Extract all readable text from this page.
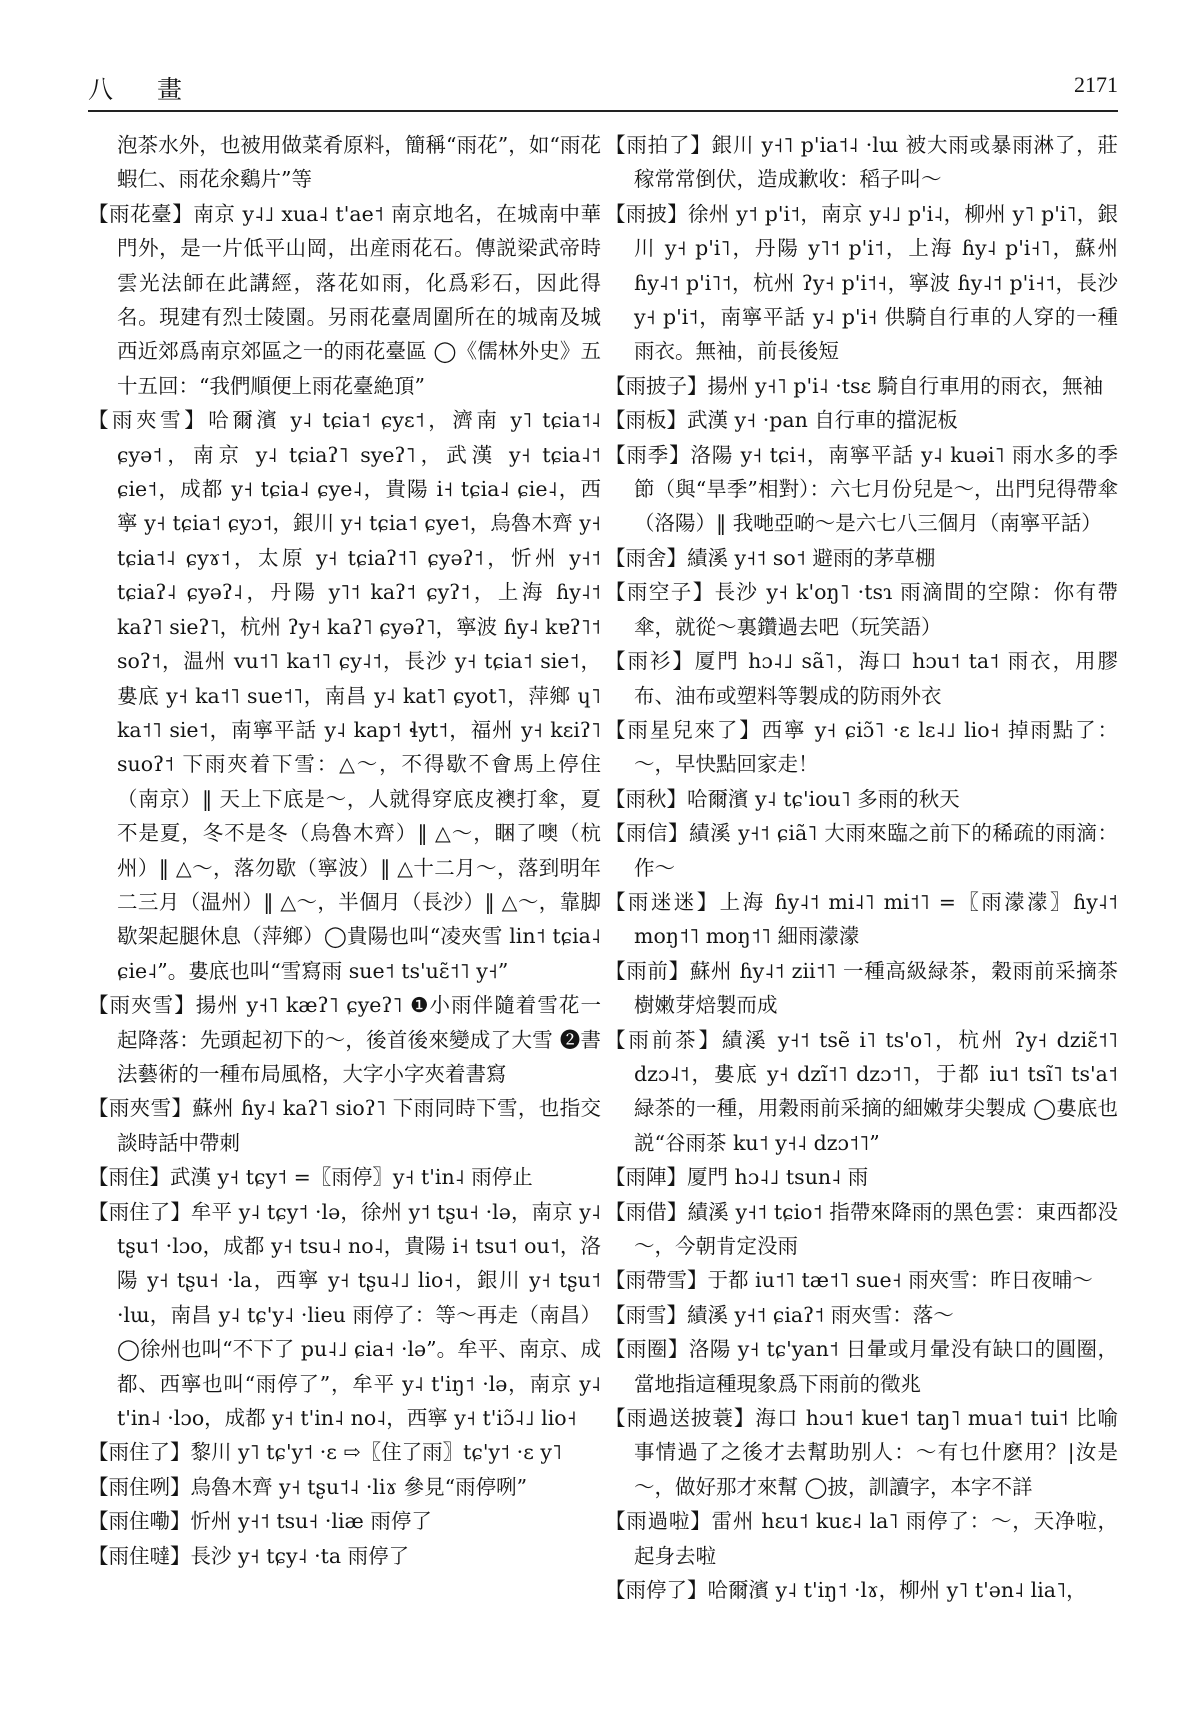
八 畫	2171

泡茶水外，也被用做菜肴原料，簡稱“雨花”，如“雨花蝦仁、雨花氽鷄片”等

【雨花臺】南京 y˨˩ xua˨ t'ae˦ 南京地名，在城南中華門外，是一片低平山岡，出産雨花石。傳説梁武帝時雲光法師在此講經，落花如雨，化爲彩石，因此得名。現建有烈士陵園。另雨花臺周圍所在的城南及城西近郊爲南京郊區之一的雨花臺區 ◯《儒林外史》五十五回：“我們順便上雨花臺絶頂”

【雨夾雪】哈爾濱 y˨ tɕia˦ ɕyɛ˦，濟南 y˥ tɕia˦˨ ɕyə˦，南京 y˨ tɕiaʔ˥ syeʔ˥，武漢 y˧ tɕia˨˦ ɕie˦，成都 y˧ tɕia˨ ɕye˨，貴陽 i˧ tɕia˨ ɕie˨，西寧 y˧ tɕia˦ ɕyɔ˦，銀川 y˧ tɕia˦ ɕye˦，烏魯木齊 y˧ tɕia˦˨ ɕyɤ˦，太原 y˧ tɕiaʔ˦˥ ɕyəʔ˦，忻州 y˧˦ tɕiaʔ˨ ɕyəʔ˨，丹陽 y˥˦ kaʔ˦ ɕyʔ˦，上海 ɦy˨˦ kaʔ˥ sieʔ˥，杭州 ʔy˧ kaʔ˥ ɕyəʔ˥，寧波 ɦy˨ kɐʔ˥˦ soʔ˦，温州 vu˦˥ ka˦˥ ɕy˨˦，長沙 y˧ tɕia˦ sie˦，婁底 y˧ ka˦˥ sue˦˥，南昌 y˨ kat˥ ɕyot˥，萍鄉 ɥ˥ ka˦˥ sie˦，南寧平話 y˨ kap˦ ɬyt˦，福州 y˧ kɛiʔ˥ suoʔ˦ 下雨夾着下雪：△～，不得歇不會馬上停住（南京）‖ 天上下底是～，人就得穿底皮襖打傘，夏不是夏，冬不是冬（烏魯木齊）‖ △～，睏了噢（杭州）‖ △～，落勿歇（寧波）‖ △十二月～，落到明年二三月（温州）‖ △～，半個月（長沙）‖ △～，靠脚歇架起腿休息（萍鄉）◯貴陽也叫“凌夾雪 lin˦ tɕia˨ ɕie˨”。婁底也叫“雪寫雨 sue˦ ts'uɛ̃˦˥ y˧”

【雨夾雪】揚州 y˧˥ kæʔ˥ ɕyeʔ˥ ❶小雨伴隨着雪花一起降落：先頭起初下的～，後首後來變成了大雪 ❷書法藝術的一種布局風格，大字小字夾着書寫

【雨夾雪】蘇州 ɦy˨ kaʔ˥ sioʔ˥ 下雨同時下雪，也指交談時話中帶刺

【雨住】武漢 y˧ tɕy˦ =〖雨停〗y˧ t'in˨ 雨停止

【雨住了】牟平 y˨ tɕy˦ ·lə，徐州 y˦ tʂu˧ ·lə，南京 y˨ tʂu˦ ·lɔo，成都 y˧ tsu˨ no˨，貴陽 i˧ tsu˦ ou˦，洛陽 y˧ tʂu˧ ·la，西寧 y˧ tʂu˨˩ lio˧，銀川 y˧ tʂu˦ ·lɯ，南昌 y˨ tɕ'y˨ ·lieu 雨停了：等～再走（南昌）◯徐州也叫“不下了 pu˨˩ ɕia˧ ·lə”。牟平、南京、成都、西寧也叫“雨停了”，牟平 y˨ t'iŋ˦ ·lə，南京 y˨ t'in˨ ·lɔo，成都 y˧ t'in˨ no˨，西寧 y˧ t'iɔ̃˨˩ lio˧

【雨住了】黎川 y˥ tɕ'y˦ ·ɛ ⇨〖住了雨〗tɕ'y˦ ·ɛ y˥

【雨住咧】烏魯木齊 y˧ tʂu˦˨ ·liɤ 參見“雨停咧”

【雨住嘞】忻州 y˧˦ tsu˧ ·liæ 雨停了

【雨住噠】長沙 y˧ tɕy˨ ·ta 雨停了

【雨拍了】銀川 y˧˥ p'ia˦˨ ·lɯ 被大雨或暴雨淋了，莊稼常常倒伏，造成歉收：稻子叫～

【雨披】徐州 y˦ p'i˦，南京 y˨˩ p'i˨，柳州 y˥ p'i˥，銀川 y˧ p'i˥，丹陽 y˥˦ p'i˦，上海 ɦy˨ p'i˧˥，蘇州 ɦy˨˦ p'i˥˦，杭州 ʔy˧ p'i˦˧，寧波 ɦy˨˦ p'i˧˦，長沙 y˧ p'i˦，南寧平話 y˨ p'i˧ 供騎自行車的人穿的一種雨衣。無袖，前長後短

【雨披子】揚州 y˧˥ p'i˨ ·tsɛ 騎自行車用的雨衣，無袖

【雨板】武漢 y˧ ·pan 自行車的擋泥板

【雨季】洛陽 y˧ tɕi˧，南寧平話 y˨ kuəi˥ 雨水多的季節（與“旱季”相對）：六七月份兒是～，出門兒得帶傘（洛陽）‖ 我哋亞啲～是六七八三個月（南寧平話）

【雨舍】績溪 y˧˦ so˦ 避雨的茅草棚

【雨空子】長沙 y˧ k'oŋ˥ ·tsɿ 雨滴間的空隙：你有帶傘，就從～裏鑽過去吧（玩笑語）

【雨衫】厦門 hɔ˨˩ sã˥，海口 hɔu˦ ta˦ 雨衣，用膠布、油布或塑料等製成的防雨外衣

【雨星兒來了】西寧 y˧ ɕiɔ̃˥ ·ɛ lɛ˨˩ lio˧ 掉雨點了：～，早快點回家走！

【雨秋】哈爾濱 y˨ tɕ'iou˥ 多雨的秋天

【雨信】績溪 y˧˦ ɕiã˥ 大雨來臨之前下的稀疏的雨滴：作～

【雨迷迷】上海 ɦy˨˦ mi˨˥ mi˦˥ =〖雨濛濛〗ɦy˨˦ moŋ˦˥ moŋ˦˥ 細雨濛濛

【雨前】蘇州 ɦy˨˦ zii˦˥ 一種高級緑茶，穀雨前采摘茶樹嫩芽焙製而成

【雨前茶】績溪 y˧˦ tsẽ i˥ ts'o˥，杭州 ʔy˧ dziɛ̃˦˥ dzɔ˨˦，婁底 y˧ dzĩ˦˥ dzɔ˦˥，于都 iu˦ tsĩ˥ ts'a˦ 緑茶的一種，用穀雨前采摘的細嫩芽尖製成 ◯婁底也説“谷雨茶 ku˦ y˧˨ dzɔ˦˥”

【雨陣】厦門 hɔ˨˩ tsun˨ 雨

【雨借】績溪 y˧˦ tɕio˦ 指帶來降雨的黑色雲：東西都没～，今朝肯定没雨

【雨帶雪】于都 iu˦˥ tæ˦˥ sue˧ 雨夾雪：昨日夜晡～

【雨雪】績溪 y˧˦ ɕiaʔ˦ 雨夾雪：落～

【雨圈】洛陽 y˧ tɕ'yan˦ 日暈或月暈没有缺口的圓圈，當地指這種現象爲下雨前的徵兆

【雨過送披蓑】海口 hɔu˦ kue˦ taŋ˥ mua˦ tui˦ 比喻事情過了之後才去幫助别人：～有乜什麽用？|汝是～，做好那才來幫 ◯披，訓讀字，本字不詳

【雨過啦】雷州 hɛu˦ kuɛ˨ la˥ 雨停了：～，天净啦，起身去啦

【雨停了】哈爾濱 y˨ t'iŋ˦ ·lɤ，柳州 y˥ t'ən˨ lia˥，
